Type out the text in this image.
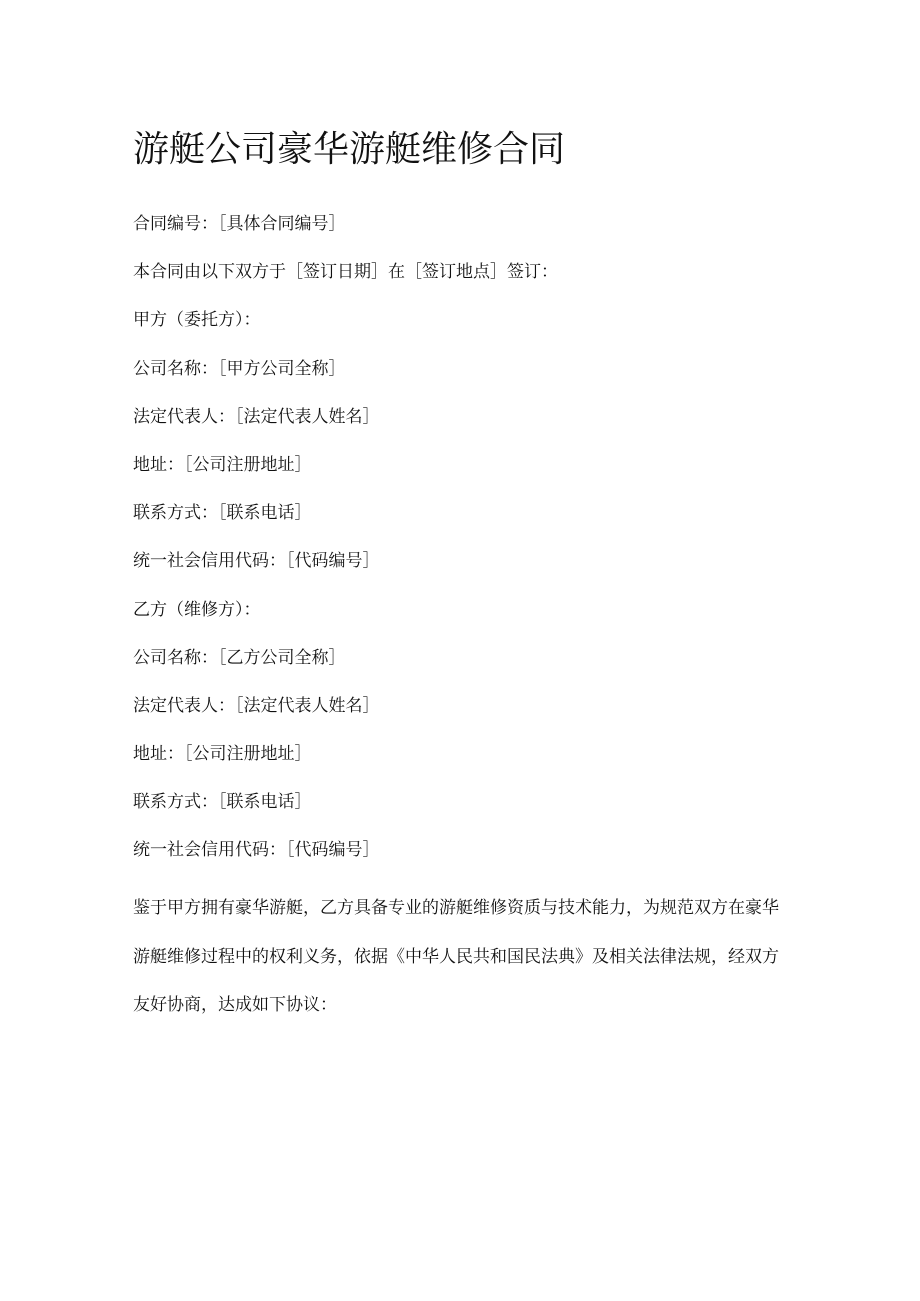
游艇公司豪华游艇维修合同

合同编号：［具体合同编号］

本合同由以下双方于［签订日期］在［签订地点］签订：

甲方（委托方）：

公司名称：［甲方公司全称］

法定代表人：［法定代表人姓名］

地址：［公司注册地址］

联系方式：［联系电话］

统一社会信用代码：［代码编号］

乙方（维修方）：

公司名称：［乙方公司全称］

法定代表人：［法定代表人姓名］

地址：［公司注册地址］

联系方式：［联系电话］

统一社会信用代码：［代码编号］

鉴于甲方拥有豪华游艇，乙方具备专业的游艇维修资质与技术能力，为规范双方在豪华
游艇维修过程中的权利义务，依据《中华人民共和国民法典》及相关法律法规，经双方
友好协商，达成如下协议：
